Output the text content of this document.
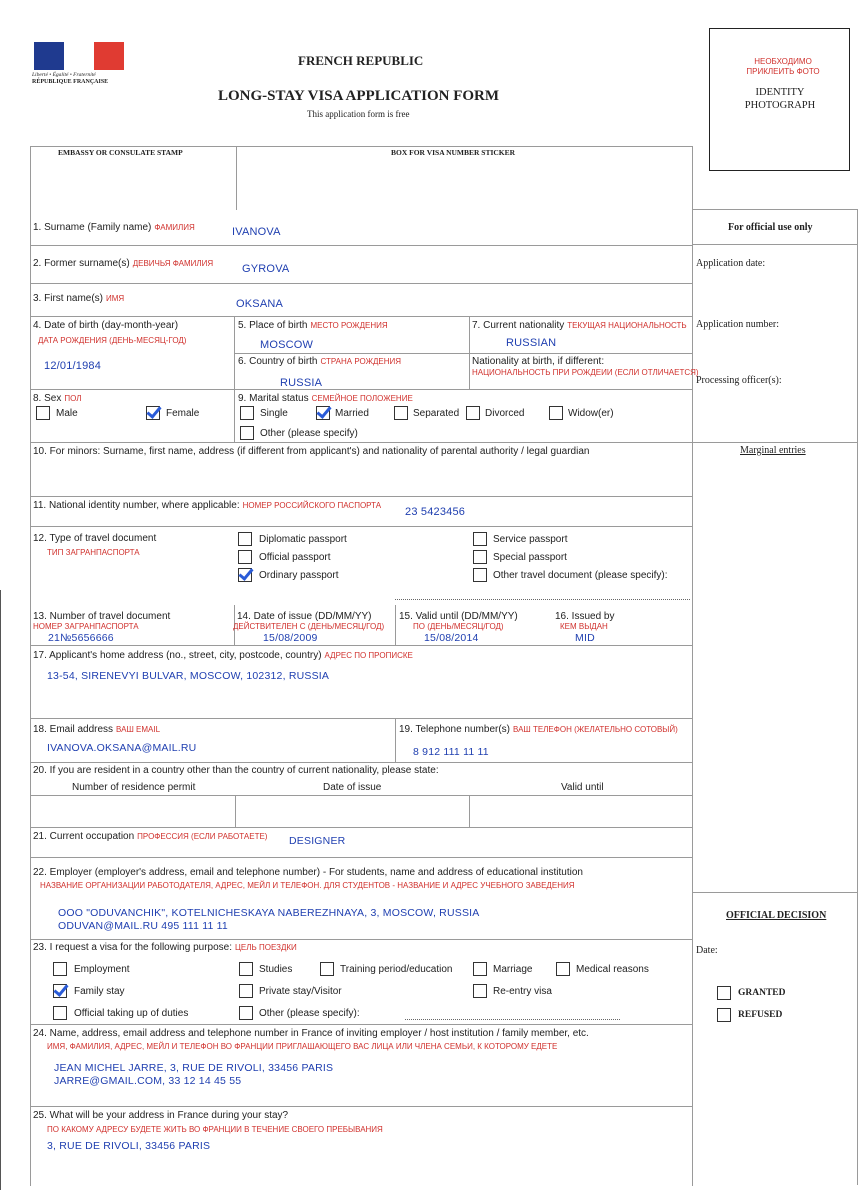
Liberté • Égalité • Fraternité
RÉPUBLIQUE FRANÇAISE
FRENCH REPUBLIC
LONG-STAY VISA APPLICATION FORM
This application form is free
НЕОБХОДИМО ПРИКЛЕИТЬ ФОТО
IDENTITY PHOTOGRAPH
EMBASSY OR CONSULATE STAMP	BOX FOR VISA NUMBER STICKER
For official use only
Application date:
Application number:
Processing officer(s):
Marginal entries
OFFICIAL DECISION
Date:
GRANTED
REFUSED
1. Surname (Family name) ФАМИЛИЯ	IVANOVA
2. Former surname(s) ДЕВИЧЬЯ ФАМИЛИЯ	GYROVA
3. First name(s) ИМЯ	OKSANA
4. Date of birth (day-month-year)
ДАТА РОЖДЕНИЯ (ДЕНЬ-МЕСЯЦ-ГОД)
12/01/1984
5. Place of birth МЕСТО РОЖДЕНИЯ
MOSCOW
6. Country of birth СТРАНА РОЖДЕНИЯ
RUSSIA
7. Current nationality ТЕКУЩАЯ НАЦИОНАЛЬНОСТЬ
RUSSIAN
Nationality at birth, if different:
НАЦИОНАЛЬНОСТЬ ПРИ РОЖДЕИИ (ЕСЛИ ОТЛИЧАЕТСЯ)
8. Sex ПОЛ
Male	Female
9. Marital status СЕМЕЙНОЕ ПОЛОЖЕНИЕ
Single	Married	Separated	Divorced	Widow(er)
Other (please specify)
10. For minors: Surname, first name, address (if different from applicant's) and nationality of parental authority / legal guardian
11. National identity number, where applicable: НОМЕР РОССИЙСКОГО ПАСПОРТА
23 5423456
12. Type of travel document
ТИП ЗАГРАНПАСПОРТА
Diplomatic passport
Official passport
Ordinary passport
Service passport
Special passport
Other travel document (please specify):
13. Number of travel document
НОМЕР ЗАГРАНПАСПОРТА
21№5656666
14. Date of issue (DD/MM/YY)
ДЕЙСТВИТЕЛЕН С (ДЕНЬ/МЕСЯЦ/ГОД)
15/08/2009
15. Valid until (DD/MM/YY)
ПО (ДЕНЬ/МЕСЯЦ/ГОД)
15/08/2014
16. Issued by
КЕМ ВЫДАН
MID
17. Applicant's home address (no., street, city, postcode, country) АДРЕС ПО ПРОПИСКЕ
13-54, SIRENEVYI BULVAR, MOSCOW, 102312, RUSSIA
18. Email address ВАШ EMAIL
IVANOVA.OKSANA@MAIL.RU
19. Telephone number(s) ВАШ ТЕЛЕФОН (ЖЕЛАТЕЛЬНО СОТОВЫЙ)
8 912 111 11 11
20. If you are resident in a country other than the country of current nationality, please state:
Number of residence permit	Date of issue	Valid until
21. Current occupation ПРОФЕССИЯ (ЕСЛИ РАБОТАЕТЕ) DESIGNER
22. Employer (employer's address, email and telephone number) - For students, name and address of educational institution
НАЗВАНИЕ ОРГАНИЗАЦИИ РАБОТОДАТЕЛЯ, АДРЕС, МЕЙЛ И ТЕЛЕФОН. ДЛЯ СТУДЕНТОВ - НАЗВАНИЕ И АДРЕС УЧЕБНОГО ЗАВЕДЕНИЯ
OOO "ODUVANCHIK", KOTELNICHESKAYA NABEREZHNAYA, 3, MOSCOW, RUSSIA
ODUVAN@MAIL.RU 495 111 11 11
23. I request a visa for the following purpose: ЦЕЛЬ ПОЕЗДКИ
Employment	Studies	Training period/education	Marriage	Medical reasons
Family stay	Private stay/Visitor	Re-entry visa
Official taking up of duties	Other (please specify):
24. Name, address, email address and telephone number in France of inviting employer / host institution / family member, etc.
ИМЯ, ФАМИЛИЯ, АДРЕС, МЕЙЛ И ТЕЛЕФОН ВО ФРАНЦИИ ПРИГЛАШАЮЩЕГО ВАС ЛИЦА ИЛИ ЧЛЕНА СЕМЬИ, К КОТОРОМУ ЕДЕТЕ
JEAN MICHEL JARRE, 3, RUE DE RIVOLI, 33456 PARIS
JARRE@GMAIL.COM, 33 12 14 45 55
25. What will be your address in France during your stay?
ПО КАКОМУ АДРЕСУ БУДЕТЕ ЖИТЬ ВО ФРАНЦИИ В ТЕЧЕНИЕ СВОЕГО ПРЕБЫВАНИЯ
3, RUE DE RIVOLI, 33456 PARIS
